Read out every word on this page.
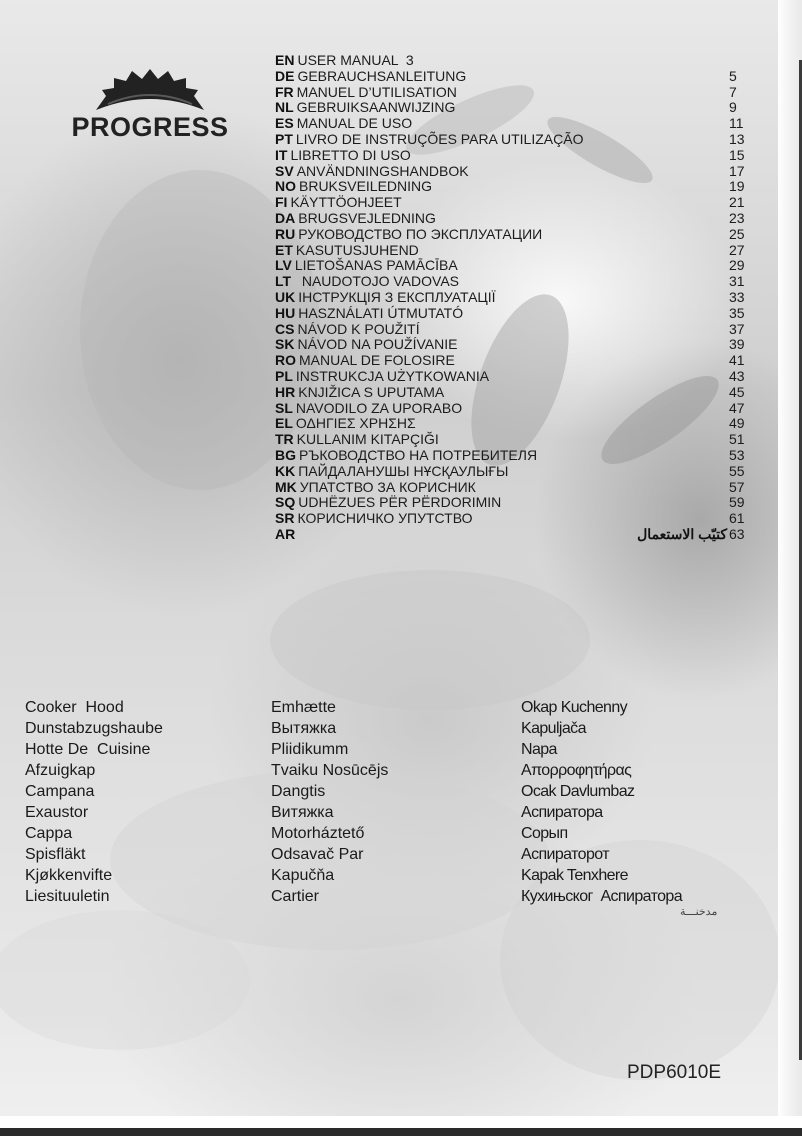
PROGRESS
EN USER MANUAL  3
DE GEBRAUCHSANLEITUNG	5
FR MANUEL D’UTILISATION	7
NL GEBRUIKSAANWIJZING	9
ES MANUAL DE USO	11
PT LIVRO DE INSTRUÇÕES PARA UTILIZAÇÃO	13
IT LIBRETTO DI USO	15
SV ANVÄNDNINGSHANDBOK	17
NO BRUKSVEILEDNING	19
FI KÄYTTÖOHJEET	21
DA BRUGSVEJLEDNING	23
RU РУКОВОДСТВО ПО ЭКСПЛУАТАЦИИ	25
ET KASUTUSJUHEND	27
LV LIETOŠANAS PAMĀCĪBA	29
LT  NAUDOTOJO VADOVAS	31
UK ІНСТРУКЦІЯ З ЕКСПЛУАТАЦІЇ	33
HU HASZNÁLATI ÚTMUTATÓ	35
CS NÁVOD K POUŽITÍ	37
SK NÁVOD NA POUŽÍVANIE	39
RO MANUAL DE FOLOSIRE	41
PL INSTRUKCJA UŻYTKOWANIA	43
HR KNJIŽICA S UPUTAMA	45
SL NAVODILO ZA UPORABO	47
EL ΟΔΗΓΙΕΣ ΧΡΗΣΗΣ	49
TR KULLANIM KITAPÇIĞI	51
BG РЪКОВОДСТВО НА ПОТРЕБИТЕЛЯ	53
KK ПАЙДАЛАНУШЫ НҰСҚАУЛЫҒЫ	55
MK УПАТСТВО ЗА КОРИСНИК	57
SQ UDHËZUES PËR PËRDORIMIN	59
SR КОРИСНИЧКО УПУТСТВО	61
AR	كتيّب الاستعمال 63
Cooker  Hood
Dunstabzugshaube
Hotte De  Cuisine
Afzuigkap
Campana
Exaustor
Cappa
Spisfläkt
Kjøkkenvifte
Liesituuletin
Emhætte
Вытяжка
Pliidikumm
Tvaiku Nosūcējs
Dangtis
Витяжка
Motorháztető
Odsavač Par
Kapučňa
Cartier
Okap Kuchenny
Kapuljača
Napa
Απορροφητήρας
Ocak Davlumbaz
Аспиратора
Сорып
Аспираторот
Kapak Tenxhere
Кухињског  Аспиратора
مدخنـــة
PDP6010E
